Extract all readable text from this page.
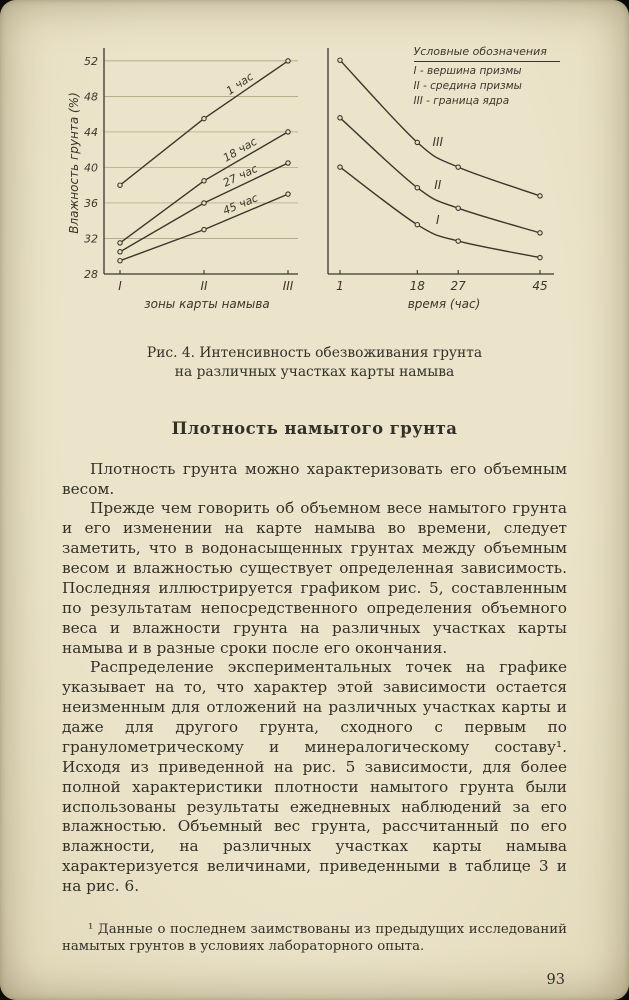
28
32
36
40
44
48
52
I	II	III
зоны карты намыва
Влажность грунта (%)
1 час
18 час
27 час
45 час
1	18 27	45
время (час)
III
II
I
Условные обозначения
I - вершина призмы
II - средина призмы
III - граница ядра
Рис. 4. Интенсивность обезвоживания грунта
на различных участках карты намыва
Плотность намытого грунта

Плотность грунта можно характеризовать его объемным весом.

Прежде чем говорить об объемном весе намытого грунта и его изменении на карте намыва во времени, следует заметить, что в водонасыщенных грунтах между объемным весом и влажностью существует определенная зависимость. Последняя иллюстрируется графиком рис. 5, составленным по результатам непосредственного определения объемного веса и влажности грунта на различных участках карты намыва и в разные сроки после его окончания.

Распределение экспериментальных точек на графике указывает на то, что характер этой зависимости остается неизменным для отложений на различных участках карты и даже для другого грунта, сходного с первым по гранулометрическому и минералогическому составу¹. Исходя из приведенной на рис. 5 зависимости, для более полной характеристики плотности намытого грунта были использованы результаты ежедневных наблюдений за его влажностью. Объемный вес грунта, рассчитанный по его влажности, на различных участках карты намыва характеризуется величинами, приведенными в таблице 3 и на рис. 6.

¹ Данные о последнем заимствованы из предыдущих исследований намытых грунтов в условиях лабораторного опыта.
93
